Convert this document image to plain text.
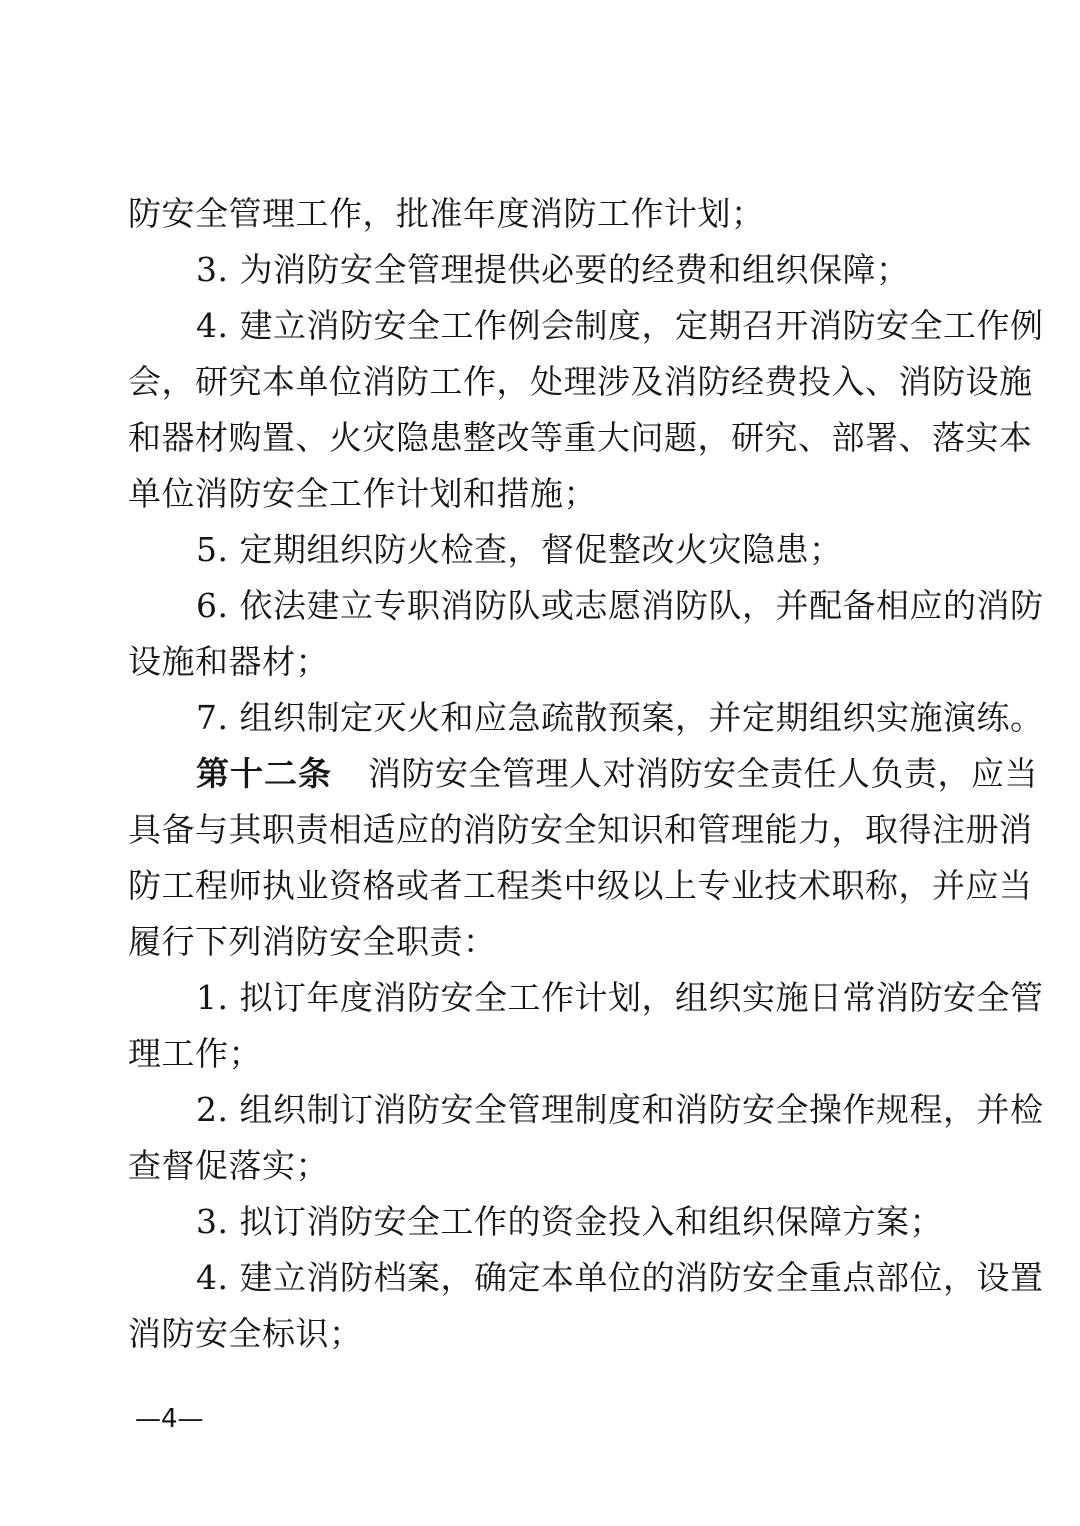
防安全管理工作，批准年度消防工作计划；
3. 为消防安全管理提供必要的经费和组织保障；
4. 建立消防安全工作例会制度，定期召开消防安全工作例
会，研究本单位消防工作，处理涉及消防经费投入、消防设施
和器材购置、火灾隐患整改等重大问题，研究、部署、落实本
单位消防安全工作计划和措施；
5. 定期组织防火检查，督促整改火灾隐患；
6. 依法建立专职消防队或志愿消防队，并配备相应的消防
设施和器材；
7. 组织制定灭火和应急疏散预案，并定期组织实施演练。
第十二条 消防安全管理人对消防安全责任人负责，应当
具备与其职责相适应的消防安全知识和管理能力，取得注册消
防工程师执业资格或者工程类中级以上专业技术职称，并应当
履行下列消防安全职责：
1. 拟订年度消防安全工作计划，组织实施日常消防安全管
理工作；
2. 组织制订消防安全管理制度和消防安全操作规程，并检
查督促落实；
3. 拟订消防安全工作的资金投入和组织保障方案；
4. 建立消防档案，确定本单位的消防安全重点部位，设置
消防安全标识；
—4—
